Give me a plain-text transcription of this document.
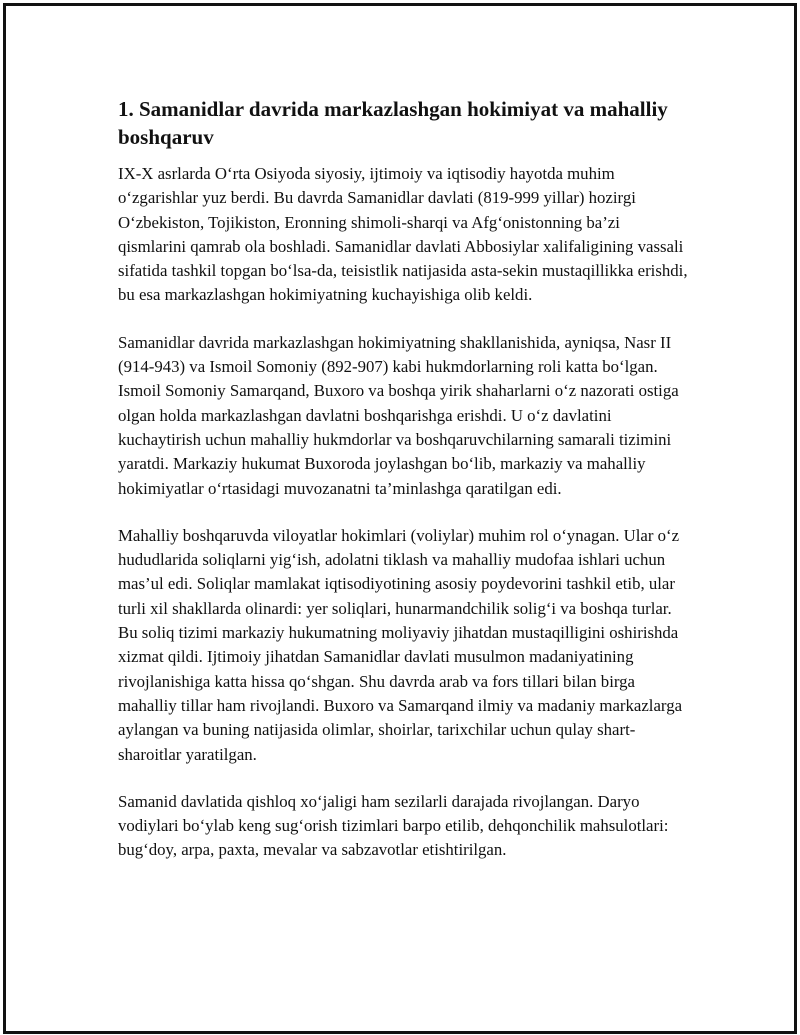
1. Samanidlar davrida markazlashgan hokimiyat va mahalliy boshqaruv

IX-X asrlarda O‘rta Osiyoda siyosiy, ijtimoiy va iqtisodiy hayotda muhim o‘zgarishlar yuz berdi. Bu davrda Samanidlar davlati (819-999 yillar) hozirgi O‘zbekiston, Tojikiston, Eronning shimoli-sharqi va Afg‘onistonning ba’zi qismlarini qamrab ola boshladi. Samanidlar davlati Abbosiylar xalifaligining vassali sifatida tashkil topgan bo‘lsa-da, teisistlik natijasida asta-sekin mustaqillikka erishdi, bu esa markazlashgan hokimiyatning kuchayishiga olib keldi.

Samanidlar davrida markazlashgan hokimiyatning shakllanishida, ayniqsa, Nasr II (914-943) va Ismoil Somoniy (892-907) kabi hukmdorlarning roli katta bo‘lgan. Ismoil Somoniy Samarqand, Buxoro va boshqa yirik shaharlarni o‘z nazorati ostiga olgan holda markazlashgan davlatni boshqarishga erishdi. U o‘z davlatini kuchaytirish uchun mahalliy hukmdorlar va boshqaruvchilarning samarali tizimini yaratdi. Markaziy hukumat Buxoroda joylashgan bo‘lib, markaziy va mahalliy hokimiyatlar o‘rtasidagi muvozanatni ta’minlashga qaratilgan edi.

Mahalliy boshqaruvda viloyatlar hokimlari (voliylar) muhim rol o‘ynagan. Ular o‘z hududlarida soliqlarni yig‘ish, adolatni tiklash va mahalliy mudofaa ishlari uchun mas’ul edi. Soliqlar mamlakat iqtisodiyotining asosiy poydevorini tashkil etib, ular turli xil shakllarda olinardi: yer soliqlari, hunarmandchilik solig‘i va boshqa turlar. Bu soliq tizimi markaziy hukumatning moliyaviy jihatdan mustaqilligini oshirishda xizmat qildi. Ijtimoiy jihatdan Samanidlar davlati musulmon madaniyatining rivojlanishiga katta hissa qo‘shgan. Shu davrda arab va fors tillari bilan birga mahalliy tillar ham rivojlandi. Buxoro va Samarqand ilmiy va madaniy markazlarga aylangan va buning natijasida olimlar, shoirlar, tarixchilar uchun qulay shart-sharoitlar yaratilgan.

Samanid davlatida qishloq xo‘jaligi ham sezilarli darajada rivojlangan. Daryo vodiylari bo‘ylab keng sug‘orish tizimlari barpo etilib, dehqonchilik mahsulotlari: bug‘doy, arpa, paxta, mevalar va sabzavotlar etishtirilgan.
